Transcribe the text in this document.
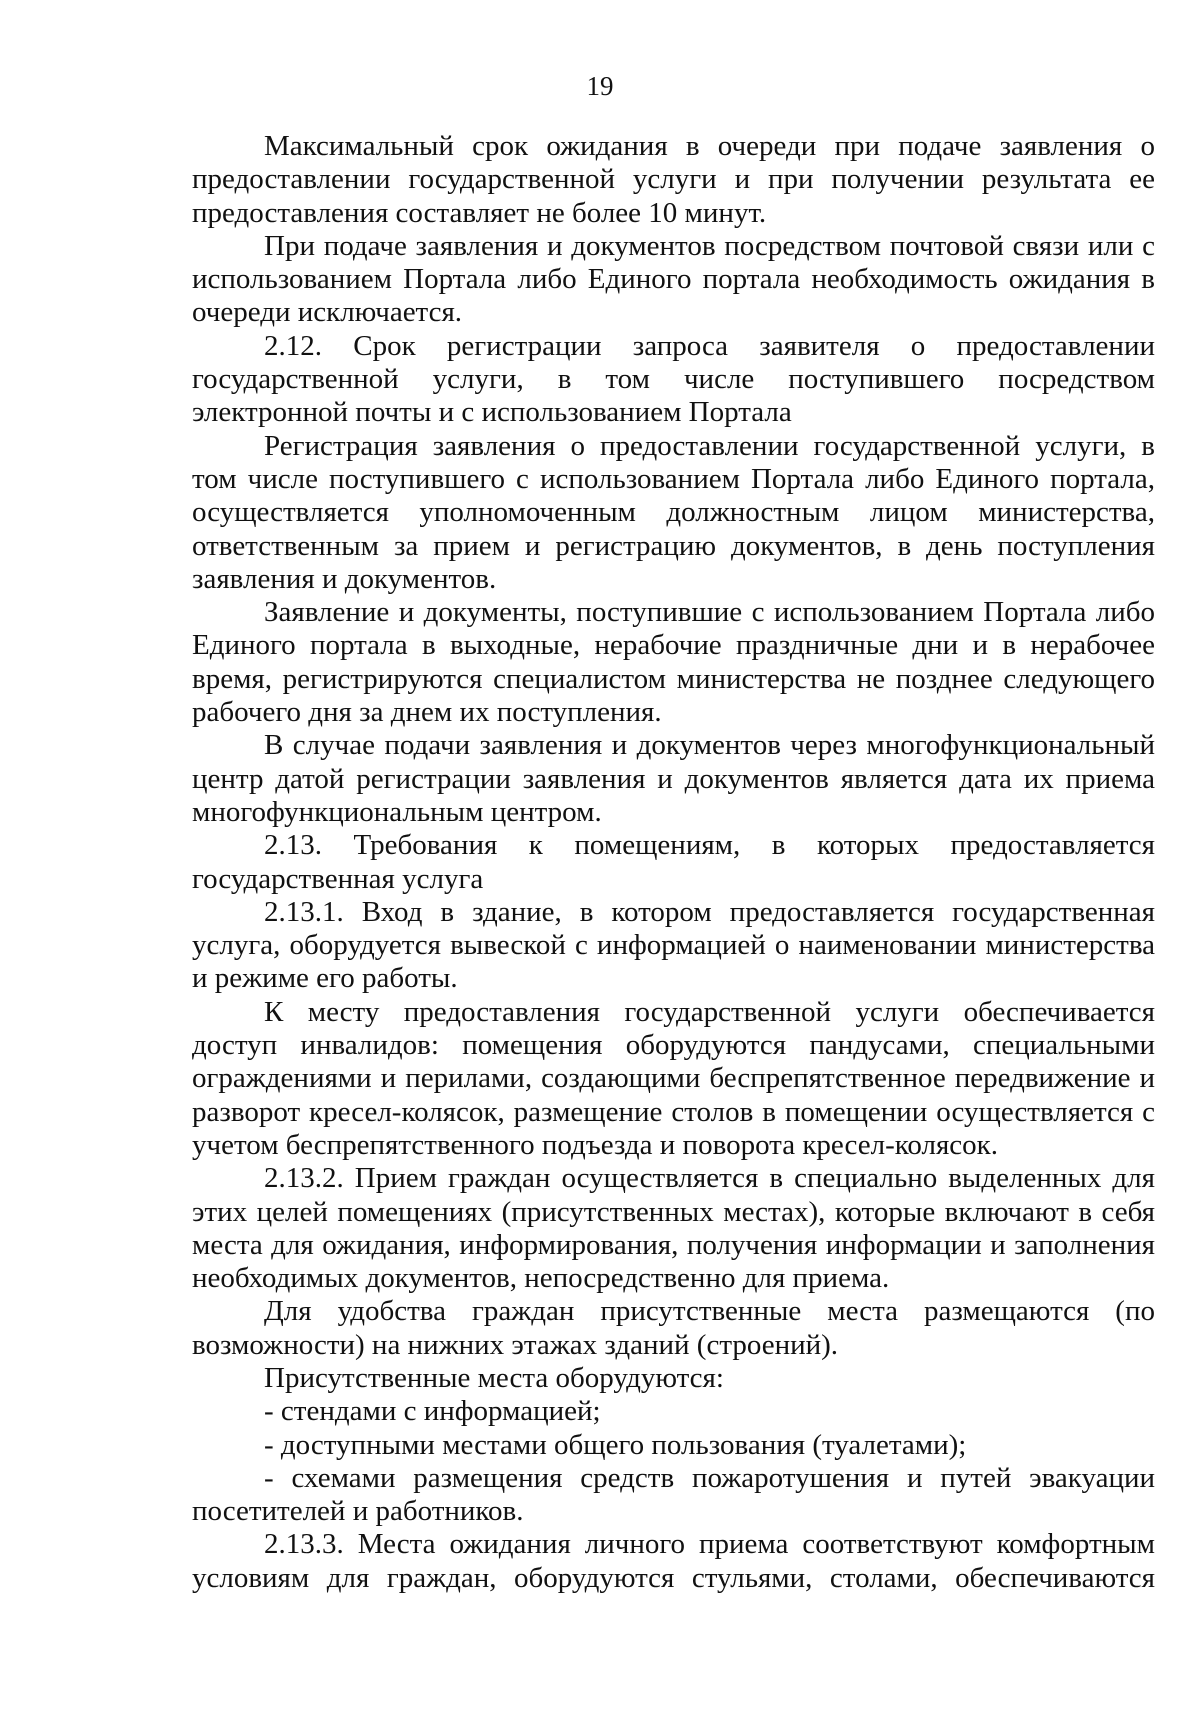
19

Максимальный срок ожидания в очереди при подаче заявления о предоставлении государственной услуги и при получении результата ее предоставления составляет не более 10 минут.

При подаче заявления и документов посредством почтовой связи или с использованием Портала либо Единого портала необходимость ожидания в очереди исключается.

2.12. Срок регистрации запроса заявителя о предоставлении государственной услуги, в том числе поступившего посредством электронной почты и с использованием Портала

Регистрация заявления о предоставлении государственной услуги, в том числе поступившего с использованием Портала либо Единого портала, осуществляется уполномоченным должностным лицом министерства, ответственным за прием и регистрацию документов, в день поступления заявления и документов.

Заявление и документы, поступившие с использованием Портала либо Единого портала в выходные, нерабочие праздничные дни и в нерабочее время, регистрируются специалистом министерства не позднее следующего рабочего дня за днем их поступления.

В случае подачи заявления и документов через многофункциональный центр датой регистрации заявления и документов является дата их приема многофункциональным центром.

2.13. Требования к помещениям, в которых предоставляется государственная услуга

2.13.1. Вход в здание, в котором предоставляется государственная услуга, оборудуется вывеской с информацией о наименовании министерства и режиме его работы.

К месту предоставления государственной услуги обеспечивается доступ инвалидов: помещения оборудуются пандусами, специальными ограждениями и перилами, создающими беспрепятственное передвижение и разворот кресел-колясок, размещение столов в помещении осуществляется с учетом беспрепятственного подъезда и поворота кресел-колясок.

2.13.2. Прием граждан осуществляется в специально выделенных для этих целей помещениях (присутственных местах), которые включают в себя места для ожидания, информирования, получения информации и заполнения необходимых документов, непосредственно для приема.

Для удобства граждан присутственные места размещаются (по возможности) на нижних этажах зданий (строений).

Присутственные места оборудуются:

- стендами с информацией;

- доступными местами общего пользования (туалетами);

- схемами размещения средств пожаротушения и путей эвакуации посетителей и работников.

2.13.3. Места ожидания личного приема соответствуют комфортным условиям для граждан, оборудуются стульями, столами, обеспечиваются
